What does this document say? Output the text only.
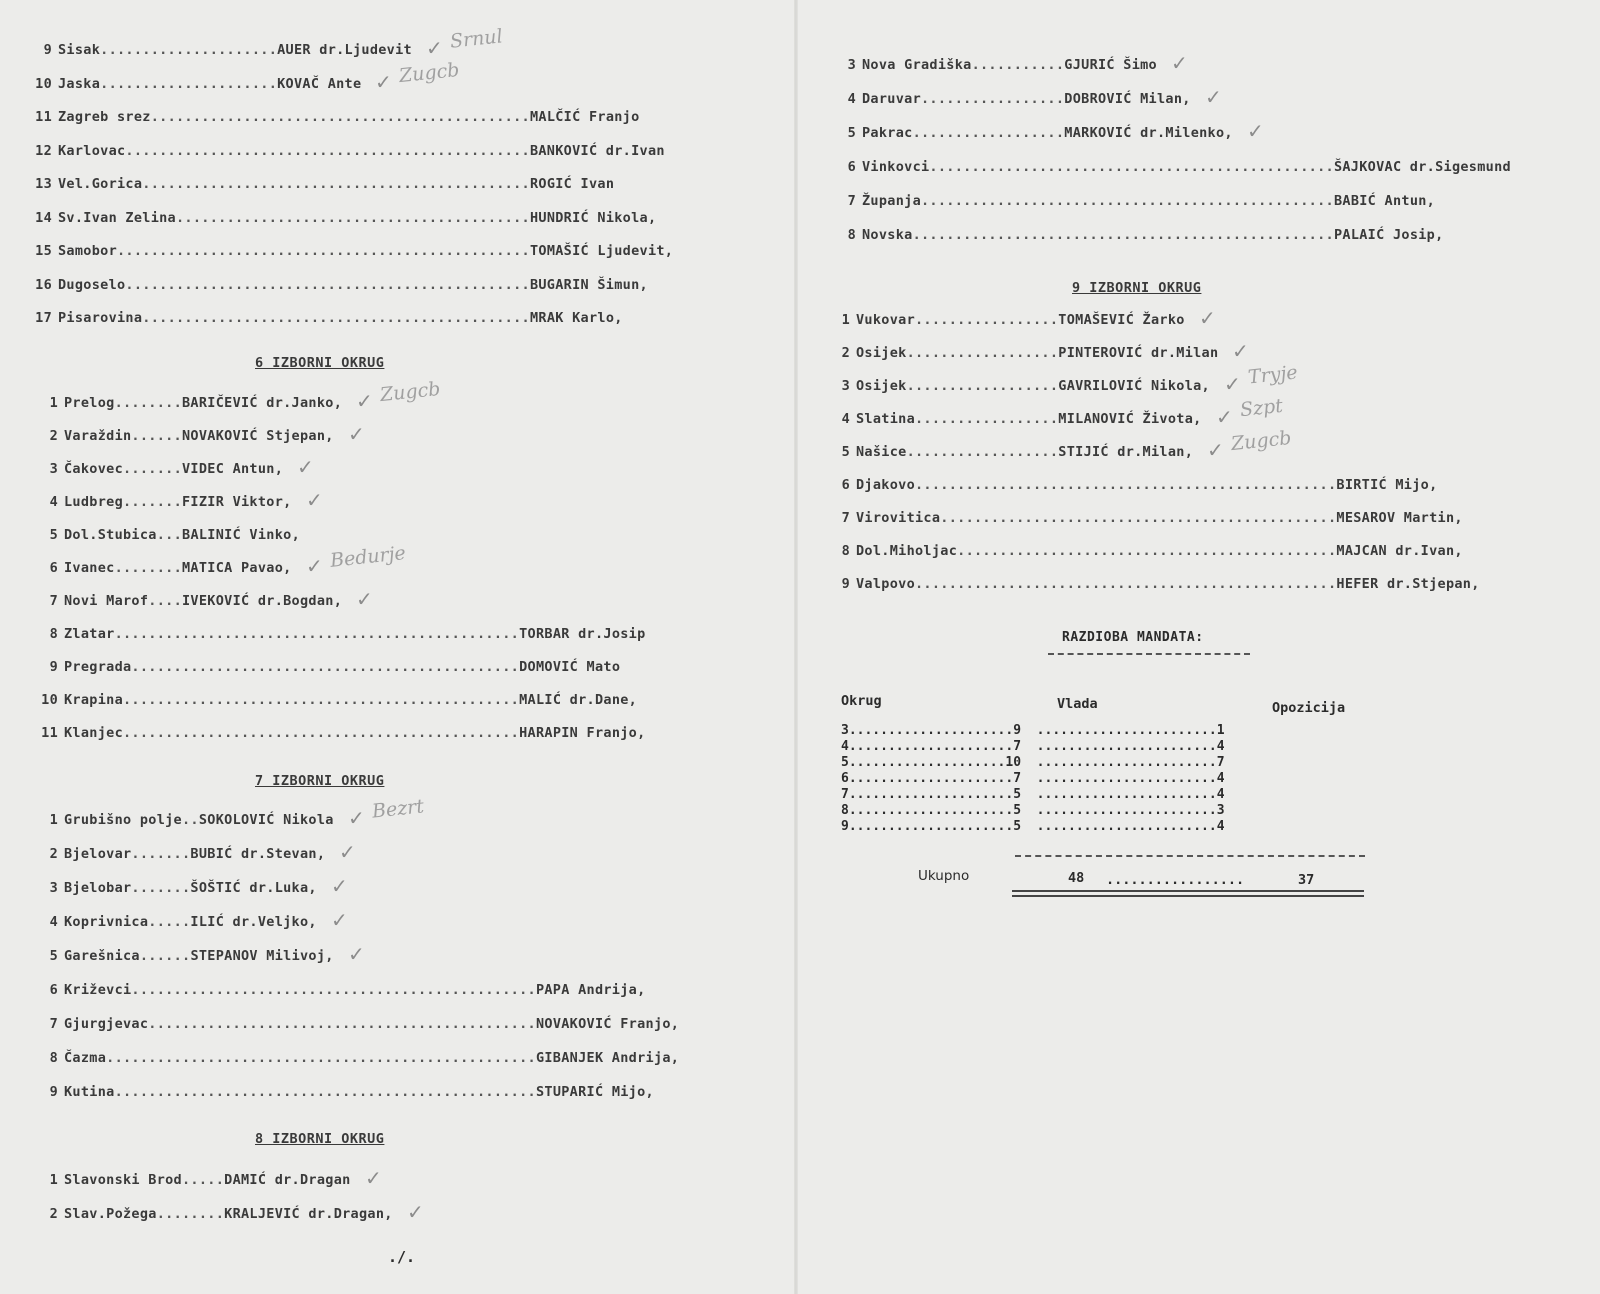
9 Sisak.....................AUER dr.Ljudevit ✓ Srnul
10 Jaska.....................KOVAČ Ante ✓ Zugcb
11 Zagreb srez.............................................MALČIĆ Franjo
12 Karlovac................................................BANKOVIĆ dr.Ivan
13 Vel.Gorica..............................................ROGIĆ Ivan
14 Sv.Ivan Zelina..........................................HUNDRIĆ Nikola,
15 Samobor.................................................TOMAŠIĆ Ljudevit,
16 Dugoselo................................................BUGARIN Šimun,
17 Pisarovina..............................................MRAK Karlo,
1 Prelog........BARIČEVIĆ dr.Janko, ✓ Zugcb
2 Varaždin......NOVAKOVIĆ Stjepan, ✓
3 Čakovec.......VIDEC Antun, ✓
4 Ludbreg.......FIZIR Viktor, ✓
5 Dol.Stubica...BALINIĆ Vinko,
6 Ivanec........MATICA Pavao, ✓ Bedurje
7 Novi Marof....IVEKOVIĆ dr.Bogdan, ✓
8 Zlatar................................................TORBAR dr.Josip
9 Pregrada..............................................DOMOVIĆ Mato
10 Krapina...............................................MALIĆ dr.Dane,
11 Klanjec...............................................HARAPIN Franjo,
1 Grubišno polje..SOKOLOVIĆ Nikola ✓ Bezrt
2 Bjelovar.......BUBIĆ dr.Stevan, ✓
3 Bjelobar.......ŠOŠTIĆ dr.Luka, ✓
4 Koprivnica.....ILIĆ dr.Veljko, ✓
5 Garešnica......STEPANOV Milivoj, ✓
6 Križevci................................................PAPA Andrija,
7 Gjurgjevac..............................................NOVAKOVIĆ Franjo,
8 Čazma...................................................GIBANJEK Andrija,
9 Kutina..................................................STUPARIĆ Mijo,
1 Slavonski Brod.....DAMIĆ dr.Dragan ✓
2 Slav.Požega........KRALJEVIĆ dr.Dragan, ✓
3 Nova Gradiška...........GJURIĆ Šimo ✓
4 Daruvar.................DOBROVIĆ Milan, ✓
5 Pakrac..................MARKOVIĆ dr.Milenko, ✓
6 Vinkovci................................................ŠAJKOVAC dr.Sigesmund
7 Županja.................................................BABIĆ Antun,
8 Novska..................................................PALAIĆ Josip,
1 Vukovar.................TOMAŠEVIĆ Žarko ✓
2 Osijek..................PINTEROVIĆ dr.Milan ✓
3 Osijek..................GAVRILOVIĆ Nikola, ✓ Tryje
4 Slatina.................MILANOVIĆ Života, ✓ Szpt
5 Našice..................STIJIĆ dr.Milan, ✓ Zugcb
6 Djakovo..................................................BIRTIĆ Mijo,
7 Virovitica...............................................MESAROV Martin,
8 Dol.Miholjac.............................................MAJCAN dr.Ivan,
9 Valpovo..................................................HEFER dr.Stjepan,
6 IZBORNI OKRUG
7 IZBORNI OKRUG
8 IZBORNI OKRUG
./.
9 IZBORNI OKRUG
RAZDIOBA MANDATA:
Okrug	Vlada	Opozicija
3.....................9  .......................1
4.....................7  .......................4
5....................10  .......................7
6.....................7  .......................4
7.....................5  .......................4
8.....................5  .......................3
9.....................5  .......................4
Ukupno	48 .................	37
